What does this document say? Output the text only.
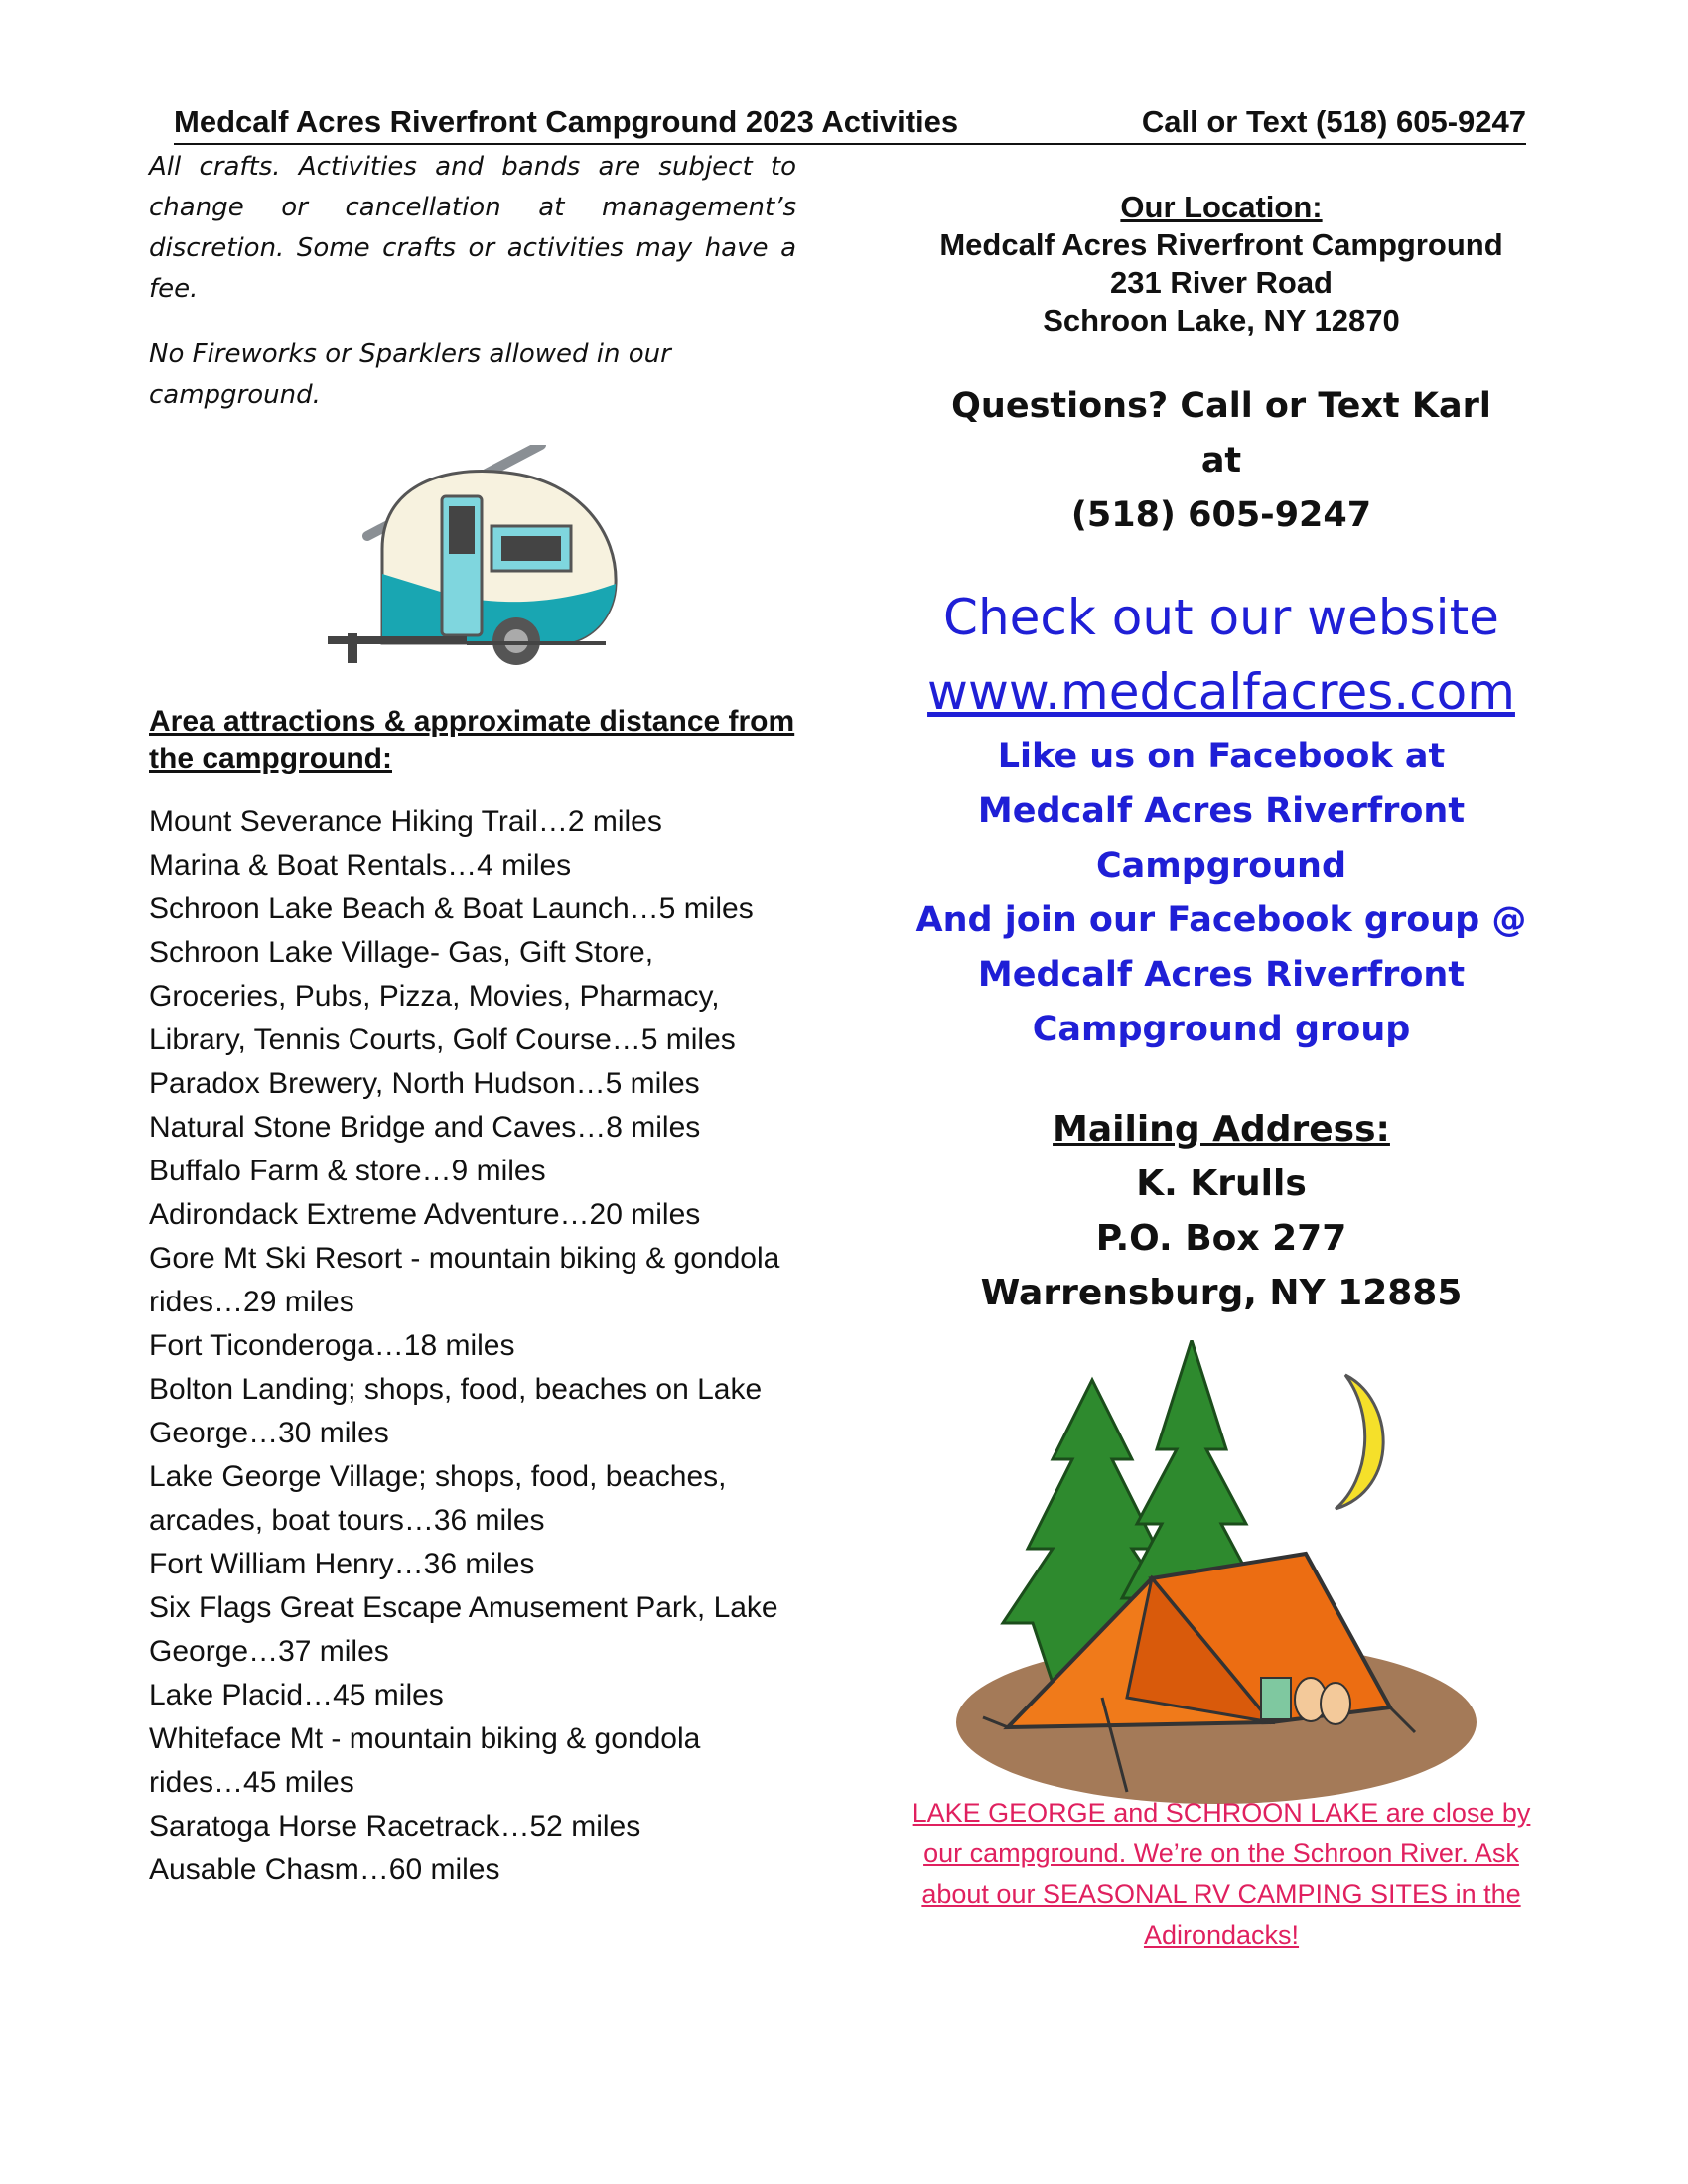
Medcalf Acres Riverfront Campground 2023 Activities	Call or Text (518) 605-9247

All crafts. Activities and bands are subject to change or cancellation at management’s discretion. Some crafts or activities may have a fee.

No Fireworks or Sparklers allowed in our campground.

Area attractions & approximate distance from the campground:
Mount Severance Hiking Trail…2 miles
Marina & Boat Rentals…4 miles
Schroon Lake Beach & Boat Launch…5 miles
Schroon Lake Village- Gas, Gift Store, Groceries, Pubs, Pizza, Movies, Pharmacy, Library, Tennis Courts, Golf Course…5 miles
Paradox Brewery, North Hudson…5 miles
Natural Stone Bridge and Caves…8 miles
Buffalo Farm & store…9 miles
Adirondack Extreme Adventure…20 miles
Gore Mt Ski Resort - mountain biking & gondola rides…29 miles
Fort Ticonderoga…18 miles
Bolton Landing; shops, food, beaches on Lake George…30 miles
Lake George Village; shops, food, beaches, arcades, boat tours…36 miles
Fort William Henry…36 miles
Six Flags Great Escape Amusement Park, Lake George…37 miles
Lake Placid…45 miles
Whiteface Mt - mountain biking & gondola rides…45 miles
Saratoga Horse Racetrack…52 miles
Ausable Chasm…60 miles
Our Location:
Medcalf Acres Riverfront Campground
231 River Road
Schroon Lake, NY 12870
Questions? Call or Text Karl
at
(518) 605-9247
Check out our website
www.medcalfacres.com
Like us on Facebook at
Medcalf Acres Riverfront
Campground
And join our Facebook group @
Medcalf Acres Riverfront
Campground group
Mailing Address:
K. Krulls
P.O. Box 277
Warrensburg, NY 12885
LAKE GEORGE and SCHROON LAKE are close by our campground. We’re on the Schroon River. Ask about our SEASONAL RV CAMPING SITES in the Adirondacks!
